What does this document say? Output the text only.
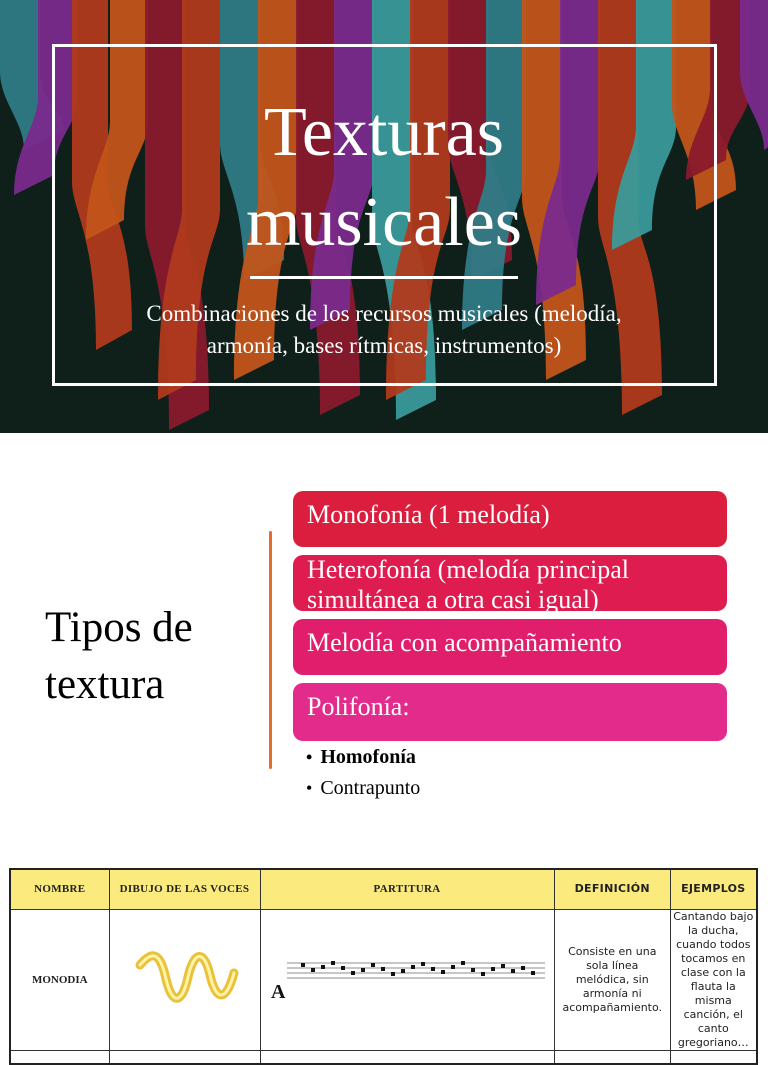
Texturas
musicales
Combinaciones de los recursos musicales (melodía,
armonía, bases rítmicas, instrumentos)
Tipos de
textura
Monofonía (1 melodía)
Heterofonía (melodía principal
simultánea a otra casi igual)
Melodía con acompañamiento
Polifonía:
• Homofonía
• Contrapunto
NOMBRE	DIBUJO DE LAS VOCES	PARTITURA	DEFINICIÓN	EJEMPLOS
MONODIA		A	Consiste en una sola línea melódica, sin armonía ni acompañamiento.	Cantando bajo la ducha, cuando todos tocamos en clase con la flauta la misma canción, el canto gregoriano…
